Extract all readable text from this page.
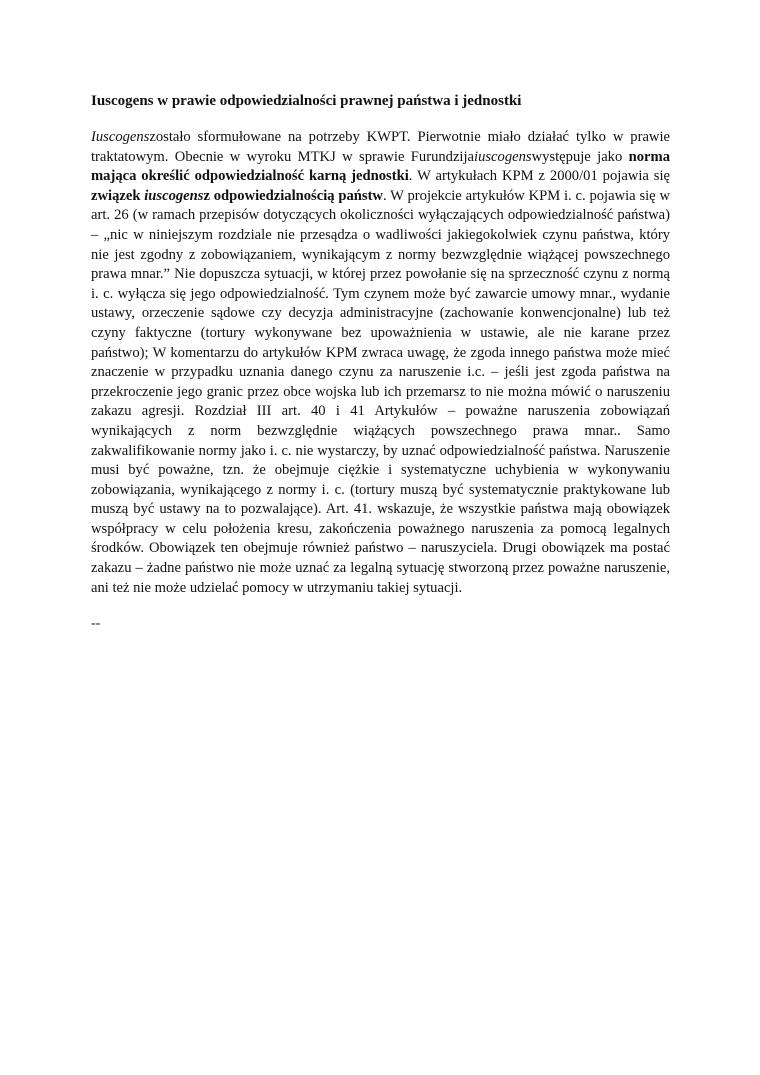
Iuscogens w prawie odpowiedzialności prawnej państwa i jednostki

Iuscogenszostało sformułowane na potrzeby KWPT. Pierwotnie miało działać tylko w prawie traktatowym. Obecnie w wyroku MTKJ w sprawie Furundzijaiuscogenswystępuje jako norma mająca określić odpowiedzialność karną jednostki. W artykułach KPM z 2000/01 pojawia się związek iuscogensz odpowiedzialnością państw. W projekcie artykułów KPM i. c. pojawia się w art. 26 (w ramach przepisów dotyczących okoliczności wyłączających odpowiedzialność państwa) – „nic w niniejszym rozdziale nie przesądza o wadliwości jakiegokolwiek czynu państwa, który nie jest zgodny z zobowiązaniem, wynikającym z normy bezwzględnie wiążącej powszechnego prawa mnar.” Nie dopuszcza sytuacji, w której przez powołanie się na sprzeczność czynu z normą i. c. wyłącza się jego odpowiedzialność. Tym czynem może być zawarcie umowy mnar., wydanie ustawy, orzeczenie sądowe czy decyzja administracyjne (zachowanie konwencjonalne) lub też czyny faktyczne (tortury wykonywane bez upoważnienia w ustawie, ale nie karane przez państwo); W komentarzu do artykułów KPM zwraca uwagę, że zgoda innego państwa może mieć znaczenie w przypadku uznania danego czynu za naruszenie i.c. – jeśli jest zgoda państwa na przekroczenie jego granic przez obce wojska lub ich przemarsz to nie można mówić o naruszeniu zakazu agresji. Rozdział III art. 40 i 41 Artykułów – poważne naruszenia zobowiązań wynikających z norm bezwzględnie wiążących powszechnego prawa mnar.. Samo zakwalifikowanie normy jako i. c. nie wystarczy, by uznać odpowiedzialność państwa. Naruszenie musi być poważne, tzn. że obejmuje ciężkie i systematyczne uchybienia w wykonywaniu zobowiązania, wynikającego z normy i. c. (tortury muszą być systematycznie praktykowane lub muszą być ustawy na to pozwalające). Art. 41. wskazuje, że wszystkie państwa mają obowiązek współpracy w celu położenia kresu, zakończenia poważnego naruszenia za pomocą legalnych środków. Obowiązek ten obejmuje również państwo – naruszyciela. Drugi obowiązek ma postać zakazu – żadne państwo nie może uznać za legalną sytuację stworzoną przez poważne naruszenie, ani też nie może udzielać pomocy w utrzymaniu takiej sytuacji.

--
